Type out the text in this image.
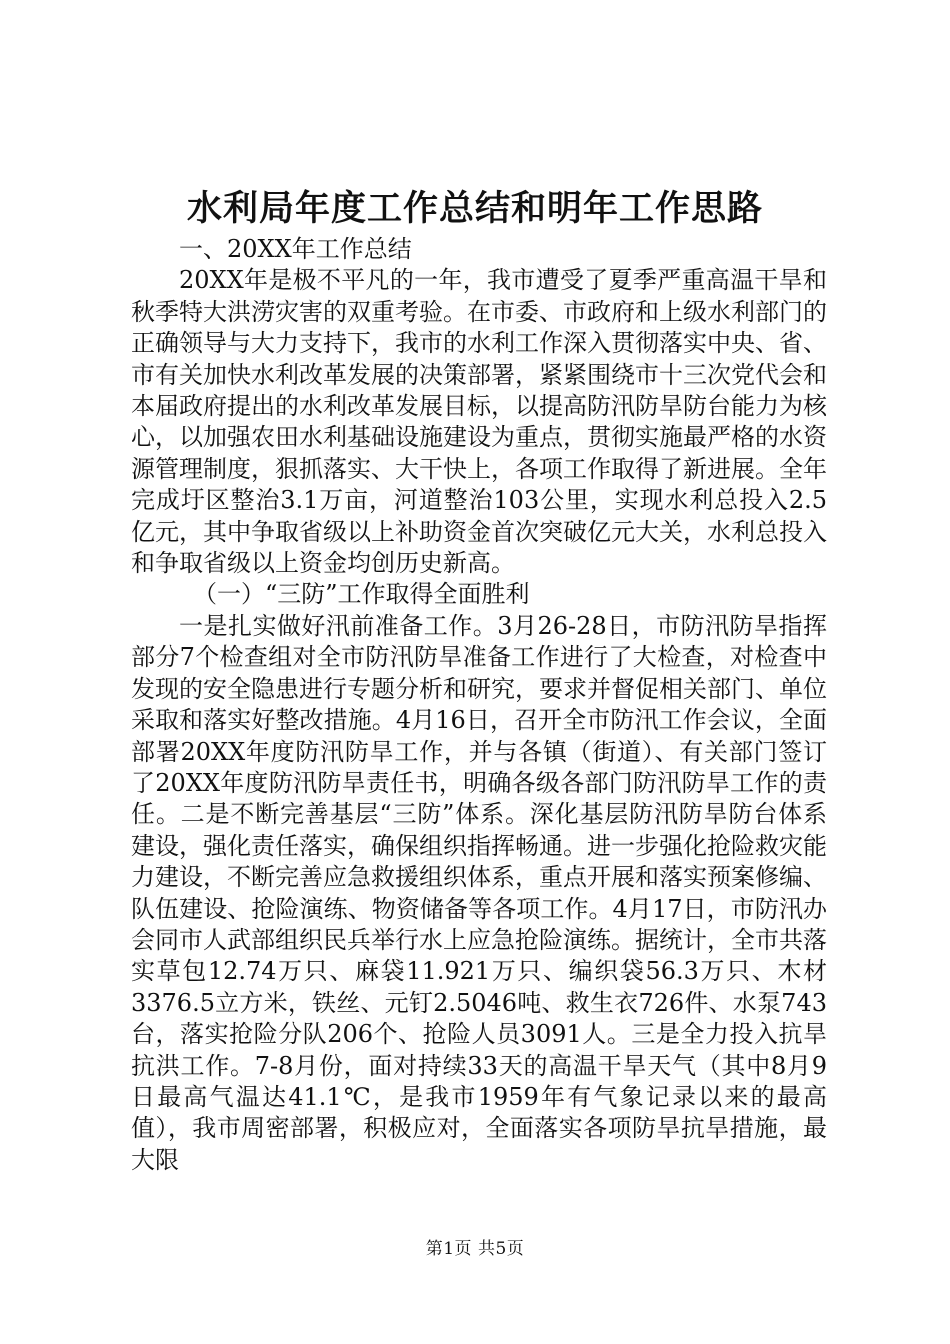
水利局年度工作总结和明年工作思路

一、20XX年工作总结

20XX年是极不平凡的一年，我市遭受了夏季严重高温干旱和秋季特大洪涝灾害的双重考验。在市委、市政府和上级水利部门的正确领导与大力支持下，我市的水利工作深入贯彻落实中央、省、市有关加快水利改革发展的决策部署，紧紧围绕市十三次党代会和本届政府提出的水利改革发展目标，以提高防汛防旱防台能力为核心，以加强农田水利基础设施建设为重点，贯彻实施最严格的水资源管理制度，狠抓落实、大干快上，各项工作取得了新进展。全年完成圩区整治3.1万亩，河道整治103公里，实现水利总投入2.5亿元，其中争取省级以上补助资金首次突破亿元大关，水利总投入和争取省级以上资金均创历史新高。

（一）“三防”工作取得全面胜利

一是扎实做好汛前准备工作。3月26-28日，市防汛防旱指挥部分7个检查组对全市防汛防旱准备工作进行了大检查，对检查中发现的安全隐患进行专题分析和研究，要求并督促相关部门、单位采取和落实好整改措施。4月16日，召开全市防汛工作会议，全面部署20XX年度防汛防旱工作，并与各镇（街道）、有关部门签订了20XX年度防汛防旱责任书，明确各级各部门防汛防旱工作的责任。二是不断完善基层“三防”体系。深化基层防汛防旱防台体系建设，强化责任落实，确保组织指挥畅通。进一步强化抢险救灾能力建设，不断完善应急救援组织体系，重点开展和落实预案修编、队伍建设、抢险演练、物资储备等各项工作。4月17日，市防汛办会同市人武部组织民兵举行水上应急抢险演练。据统计，全市共落实草包12.74万只、麻袋11.921万只、编织袋56.3万只、木材3376.5立方米，铁丝、元钉2.5046吨、救生衣726件、水泵743台，落实抢险分队206个、抢险人员3091人。三是全力投入抗旱抗洪工作。7-8月份，面对持续33天的高温干旱天气（其中8月9日最高气温达41.1℃，是我市1959年有气象记录以来的最高值），我市周密部署，积极应对，全面落实各项防旱抗旱措施，最大限

第1页 共5页
